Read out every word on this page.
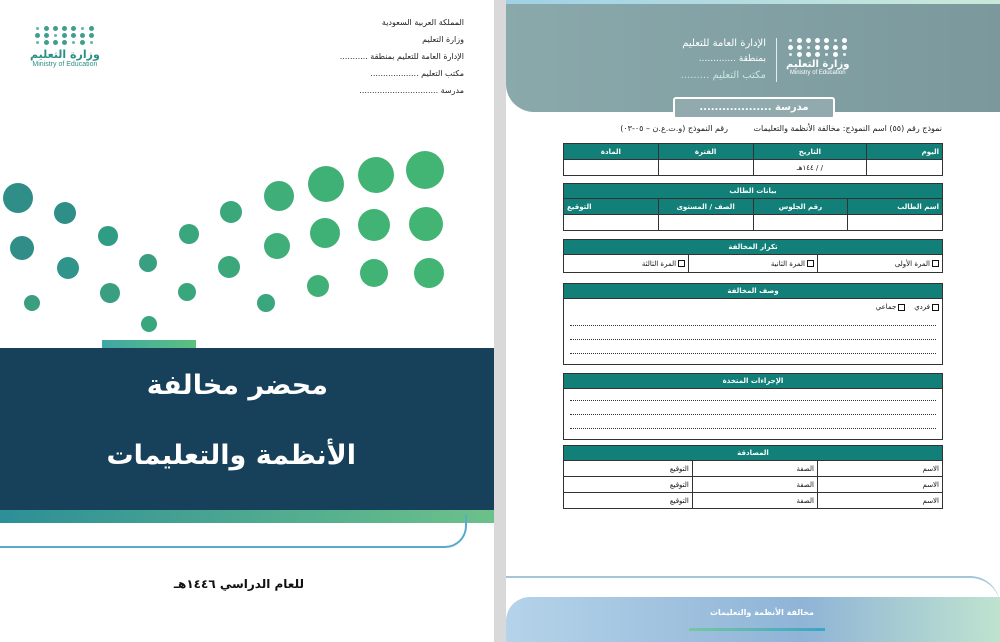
وزارة التعليم
Ministry of Education
المملكة العربية السعودية
وزارة التعليم
الإدارة العامة للتعليم بمنطقة ...........
مكتب التعليم ...................
مدرسة ...............................
محضر مخالفة
الأنظمة والتعليمات
للعام الدراسي ١٤٤٦هـ
وزارة التعليم
Ministry of Education
الإدارة العامة للتعليم
بمنطقة .............
مكتب التعليم .........
مدرسة ...................
نموذج رقم (٥٥) اسم النموذج: مخالفة الأنظمة والتعليمات
رقم النموذج (و.ت.ع.ن – ٠٥-٠٣)
اليوم	التاريخ	الفترة	المادة
	/ / ١٤٤هـ		
بيانات الطالب			
اسم الطالب	رقم الجلوس	الصف / المستوى	التوقيع

تكرار المخالفة
المرة الأولى	المرة الثانية	المرة الثالثة
وصف المخالفة

فردي    جماعي
الإجراءات المتخذة

المصادقة					
الاسم		الصفة		التوقيع	
الاسم		الصفة		التوقيع	
الاسم		الصفة		التوقيع	
مخالفة الأنظمة والتعليمات
